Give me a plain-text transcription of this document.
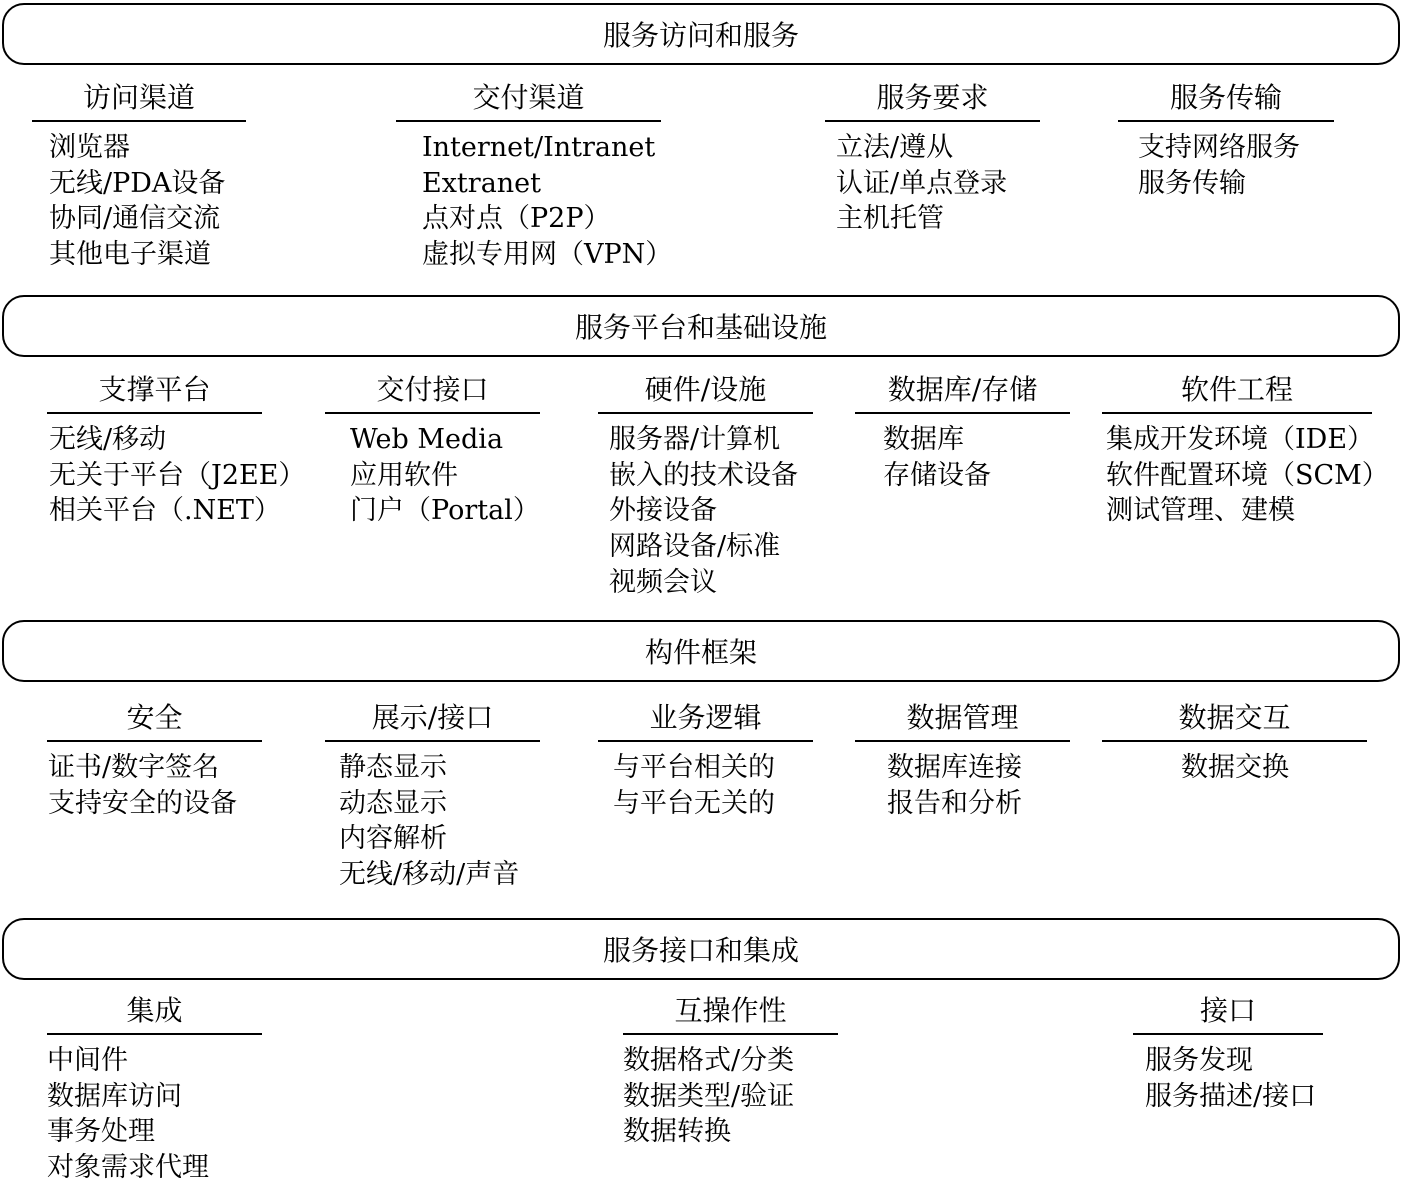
服务访问和服务
服务平台和基础设施
构件框架
服务接口和集成
访问渠道
浏览器
无线/PDA设备
协同/通信交流
其他电子渠道
交付渠道
Internet/Intranet
Extranet
点对点（P2P）
虚拟专用网（VPN）
服务要求
立法/遵从
认证/单点登录
主机托管
服务传输
支持网络服务
服务传输
支撑平台
无线/移动
无关于平台（J2EE）
相关平台（.NET）
交付接口
Web Media
应用软件
门户（Portal）
硬件/设施
服务器/计算机
嵌入的技术设备
外接设备
网路设备/标准
视频会议
数据库/存储
数据库
存储设备
软件工程
集成开发环境（IDE）
软件配置环境（SCM）
测试管理、建模
安全
证书/数字签名
支持安全的设备
展示/接口
静态显示
动态显示
内容解析
无线/移动/声音
业务逻辑
与平台相关的
与平台无关的
数据管理
数据库连接
报告和分析
数据交互
数据交换
集成
中间件
数据库访问
事务处理
对象需求代理
互操作性
数据格式/分类
数据类型/验证
数据转换
接口
服务发现
服务描述/接口
